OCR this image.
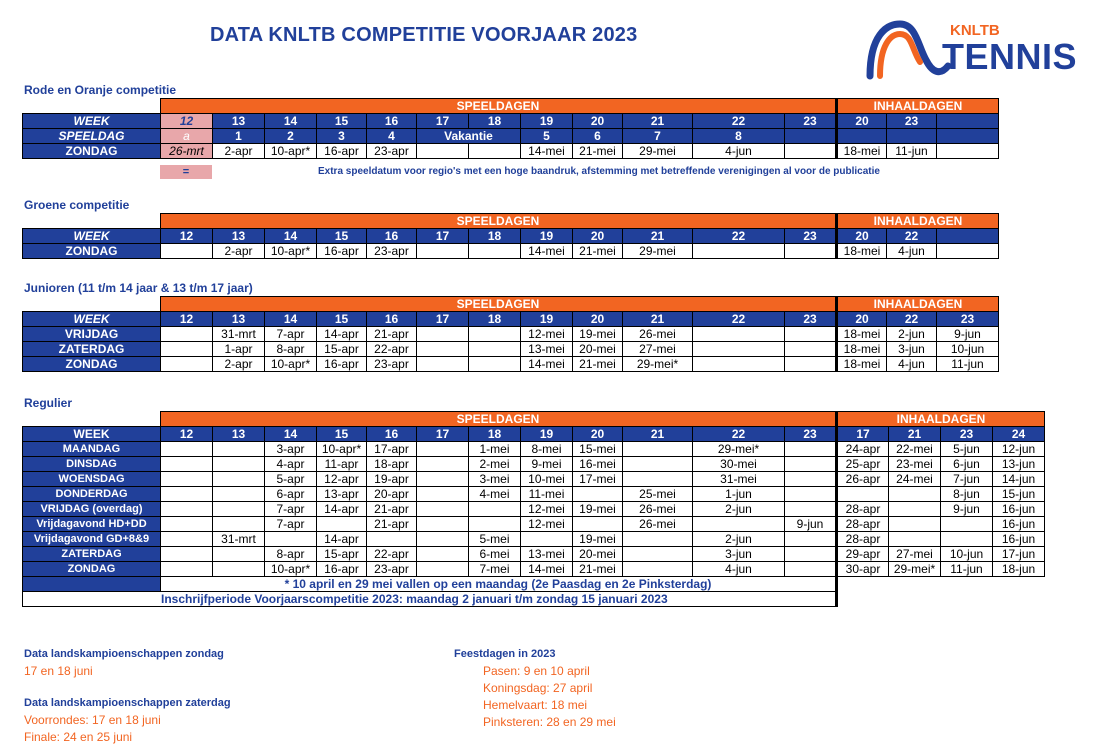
DATA KNLTB COMPETITIE VOORJAAR 2023	KNLTB
TENNIS
Rode en Oranje competitie
	SPEELDAGEN												INHAALDAGEN		
WEEK	12	13	14	15	16	17	18	19	20	21	22	23	20	23	
SPEELDAG	a	1	2	3	4	Vakantie		5	6	7	8				
ZONDAG	26-mrt	2-apr	10-apr*	16-apr	23-apr			14-mei	21-mei	29-mei	4-jun		18-mei	11-jun	
=	Extra speeldatum voor regio's met een hoge baandruk, afstemming met betreffende verenigingen al voor de publicatie
Groene competitie
	SPEELDAGEN												INHAALDAGEN		
WEEK	12	13	14	15	16	17	18	19	20	21	22	23	20	22	
ZONDAG		2-apr	10-apr*	16-apr	23-apr			14-mei	21-mei	29-mei			18-mei	4-jun	
Junioren (11 t/m 14 jaar & 13 t/m 17 jaar)
	SPEELDAGEN												INHAALDAGEN		
WEEK	12	13	14	15	16	17	18	19	20	21	22	23	20	22	23
VRIJDAG		31-mrt	7-apr	14-apr	21-apr			12-mei	19-mei	26-mei			18-mei	2-jun	9-jun
ZATERDAG		1-apr	8-apr	15-apr	22-apr			13-mei	20-mei	27-mei			18-mei	3-jun	10-jun
ZONDAG		2-apr	10-apr*	16-apr	23-apr			14-mei	21-mei	29-mei*			18-mei	4-jun	11-jun
Regulier
	SPEELDAGEN												INHAALDAGEN			
WEEK	12	13	14	15	16	17	18	19	20	21	22	23	17	21	23	24
MAANDAG			3-apr	10-apr*	17-apr		1-mei	8-mei	15-mei		29-mei*		24-apr	22-mei	5-jun	12-jun
DINSDAG			4-apr	11-apr	18-apr		2-mei	9-mei	16-mei		30-mei		25-apr	23-mei	6-jun	13-jun
WOENSDAG			5-apr	12-apr	19-apr		3-mei	10-mei	17-mei		31-mei		26-apr	24-mei	7-jun	14-jun
DONDERDAG			6-apr	13-apr	20-apr		4-mei	11-mei		25-mei	1-jun				8-jun	15-jun
VRIJDAG (overdag)			7-apr	14-apr	21-apr			12-mei	19-mei	26-mei	2-jun		28-apr		9-jun	16-jun
Vrijdagavond HD+DD			7-apr		21-apr			12-mei		26-mei		9-jun	28-apr			16-jun
Vrijdagavond GD+8&9		31-mrt		14-apr			5-mei		19-mei		2-jun		28-apr			16-jun
ZATERDAG			8-apr	15-apr	22-apr		6-mei	13-mei	20-mei		3-jun		29-apr	27-mei	10-jun	17-jun
ZONDAG			10-apr*	16-apr	23-apr		7-mei	14-mei	21-mei		4-jun		30-apr	29-mei*	11-jun	18-jun
	* 10 april en 29 mei vallen op een maandag (2e Paasdag en 2e Pinksterdag)															
Inschrijfperiode Voorjaarscompetitie 2023: maandag 2 januari t/m zondag 15 januari 2023																
Data landskampioenschappen zondag
17 en 18 juni
Data landskampioenschappen zaterdag
Voorrondes: 17 en 18 juni
Finale: 24 en 25 juni
Feestdagen in 2023
Pasen: 9 en 10 april
Koningsdag: 27 april
Hemelvaart: 18 mei
Pinksteren: 28 en 29 mei
